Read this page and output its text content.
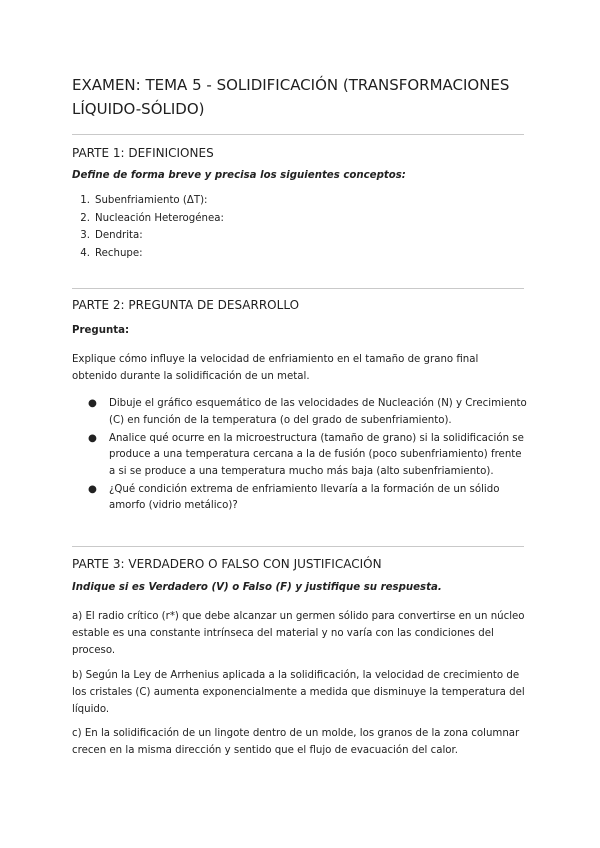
EXAMEN: TEMA 5 - SOLIDIFICACIÓN (TRANSFORMACIONES LÍQUIDO-SÓLIDO)
PARTE 1: DEFINICIONES

Define de forma breve y precisa los siguientes conceptos:

1. Subenfriamiento (ΔT):
2. Nucleación Heterogénea:
3. Dendrita:
4. Rechupe:
PARTE 2: PREGUNTA DE DESARROLLO

Pregunta:

Explique cómo influye la velocidad de enfriamiento en el tamaño de grano final obtenido durante la solidificación de un metal.

● Dibuje el gráfico esquemático de las velocidades de Nucleación (N) y Crecimiento (C) en función de la temperatura (o del grado de subenfriamiento).
● Analice qué ocurre en la microestructura (tamaño de grano) si la solidificación se produce a una temperatura cercana a la de fusión (poco subenfriamiento) frente a si se produce a una temperatura mucho más baja (alto subenfriamiento).
● ¿Qué condición extrema de enfriamiento llevaría a la formación de un sólido amorfo (vidrio metálico)?
PARTE 3: VERDADERO O FALSO CON JUSTIFICACIÓN

Indique si es Verdadero (V) o Falso (F) y justifique su respuesta.

a) El radio crítico (r*) que debe alcanzar un germen sólido para convertirse en un núcleo estable es una constante intrínseca del material y no varía con las condiciones del proceso.

b) Según la Ley de Arrhenius aplicada a la solidificación, la velocidad de crecimiento de los cristales (C) aumenta exponencialmente a medida que disminuye la temperatura del líquido.

c) En la solidificación de un lingote dentro de un molde, los granos de la zona columnar crecen en la misma dirección y sentido que el flujo de evacuación del calor.
